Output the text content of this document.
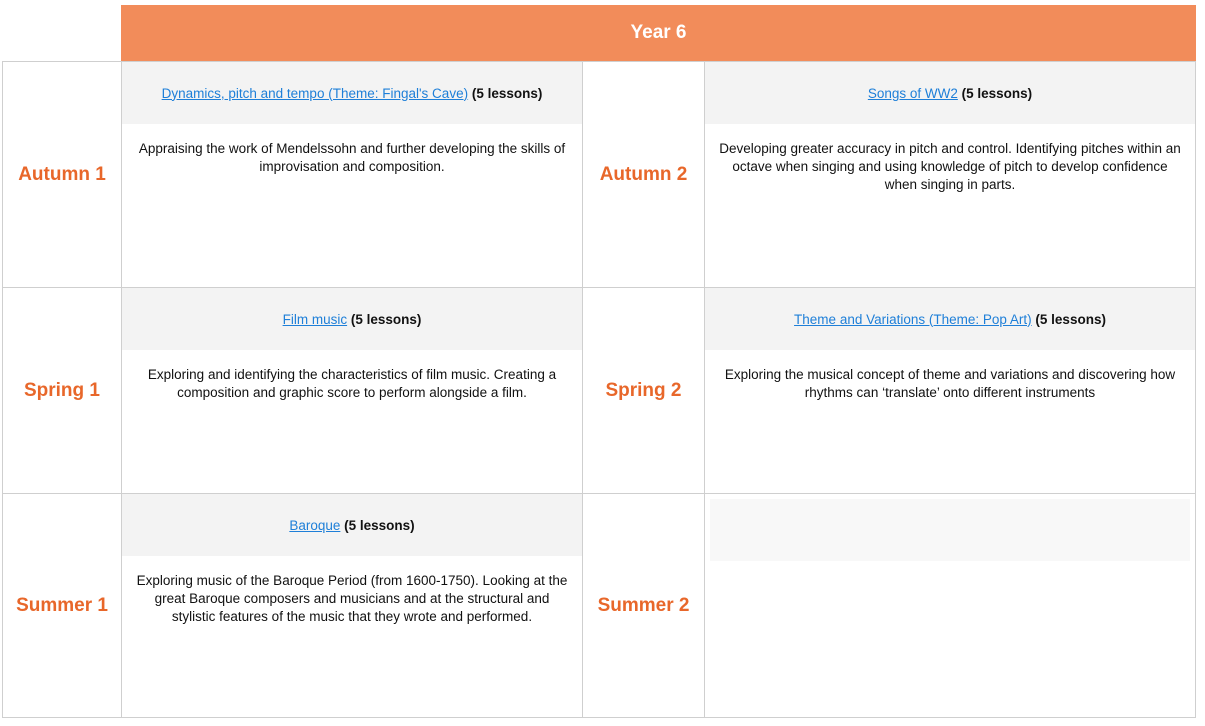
Year 6
Autumn 1
Dynamics, pitch and tempo (Theme: Fingal's Cave) (5 lessons)
Appraising the work of Mendelssohn and further developing the skills of improvisation and composition.	Autumn 2
Songs of WW2 (5 lessons)
Developing greater accuracy in pitch and control. Identifying pitches within an octave when singing and using knowledge of pitch to develop confidence when singing in parts.
Spring 1
Film music (5 lessons)
Exploring and identifying the characteristics of film music. Creating a composition and graphic score to perform alongside a film.	Spring 2
Theme and Variations (Theme: Pop Art) (5 lessons)
Exploring the musical concept of theme and variations and discovering how rhythms can ‘translate’ onto different instruments
Summer 1
Baroque (5 lessons)
Exploring music of the Baroque Period (from 1600-1750). Looking at the great Baroque composers and musicians and at the structural and stylistic features of the music that they wrote and performed.
Summer 2
